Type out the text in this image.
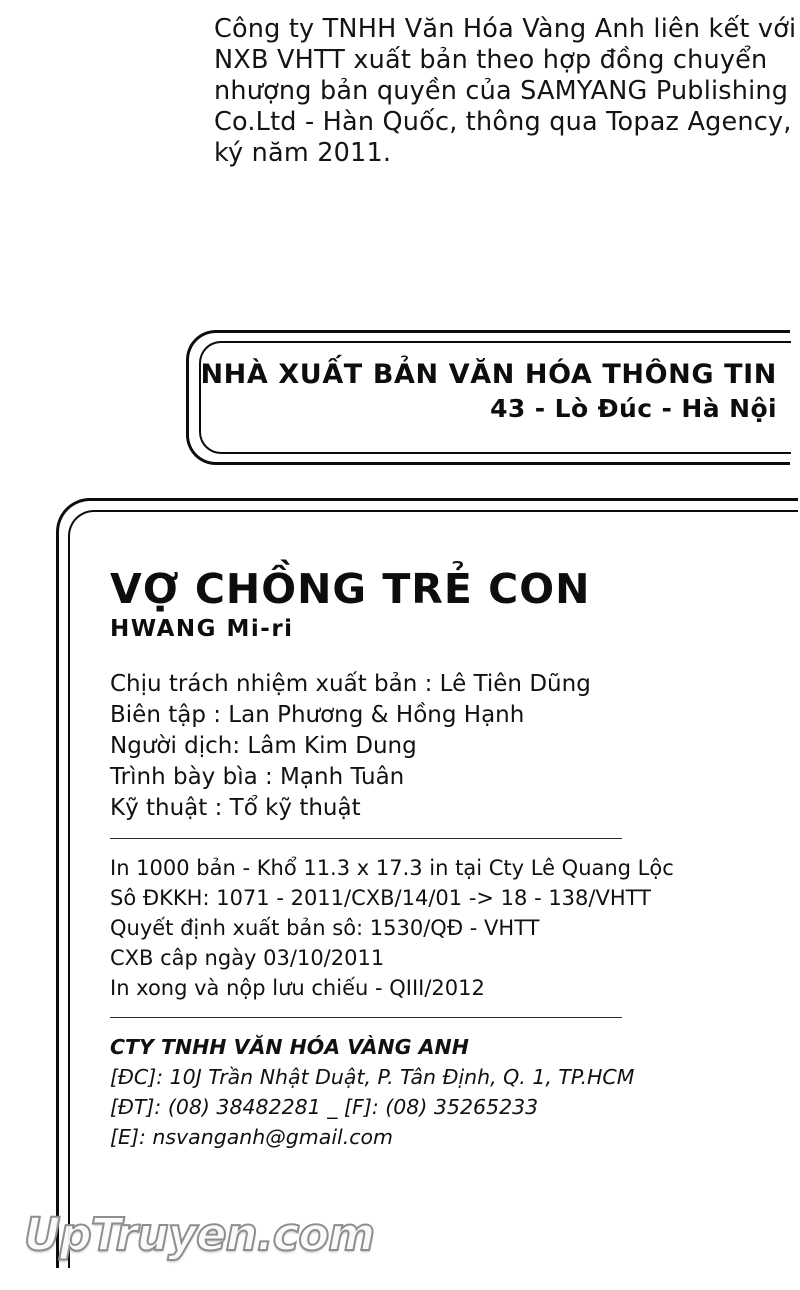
Công ty TNHH Văn Hóa Vàng Anh liên kết với
NXB VHTT xuất bản theo hợp đồng chuyển
nhượng bản quyền của SAMYANG Publishing
Co.Ltd - Hàn Quốc, thông qua Topaz Agency,
ký năm 2011.
NHÀ XUẤT BẢN VĂN HÓA THÔNG TIN
43 - Lò Đúc - Hà Nội
VỢ CHỒNG TRẺ CON
HWANG Mi-ri
Chịu trách nhiệm xuất bản : Lê Tiên Dũng
Biên tập : Lan Phương & Hồng Hạnh
Người dịch: Lâm Kim Dung
Trình bày bìa : Mạnh Tuân
Kỹ thuật : Tổ kỹ thuật
In 1000 bản - Khổ 11.3 x 17.3 in tại Cty Lê Quang Lộc
Sô ĐKKH: 1071 - 2011/CXB/14/01 -> 18 - 138/VHTT
Quyết định xuất bản sô: 1530/QĐ - VHTT
CXB câp ngày 03/10/2011
In xong và nộp lưu chiếu - QIII/2012
CTY TNHH VĂN HÓA VÀNG ANH
[ĐC]: 10J Trần Nhật Duật, P. Tân Định, Q. 1, TP.HCM
[ĐT]: (08) 38482281 _ [F]: (08) 35265233
[E]: nsvanganh@gmail.com
UpTruyen.com
